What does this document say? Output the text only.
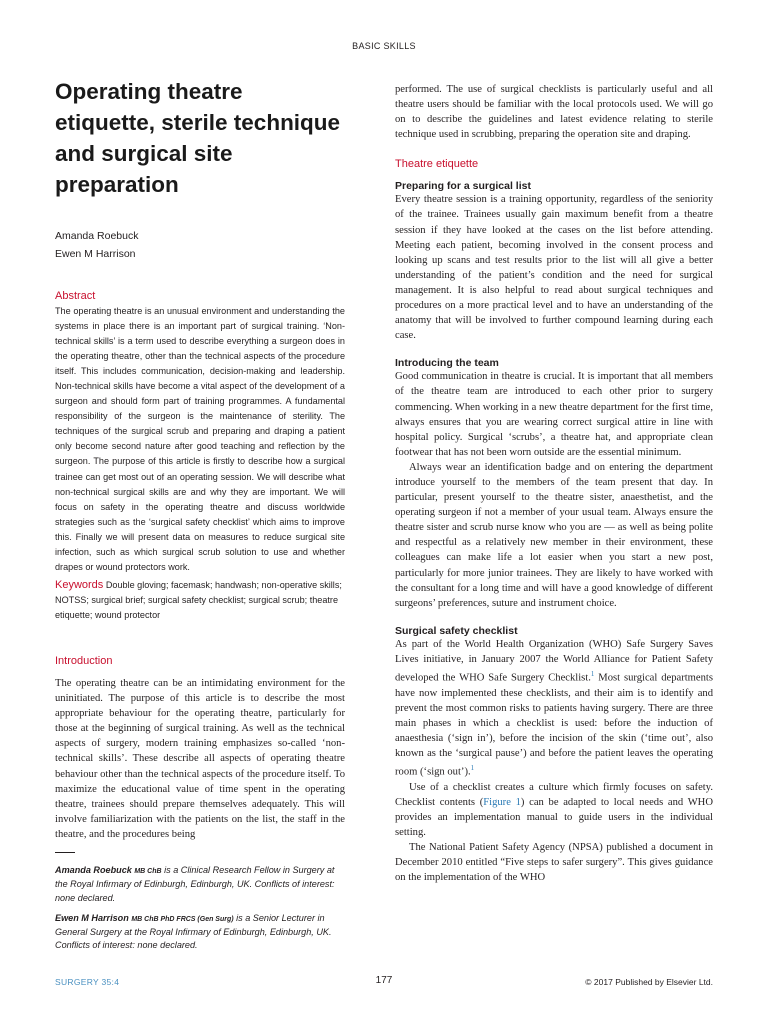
BASIC SKILLS
Operating theatre etiquette, sterile technique and surgical site preparation
Amanda Roebuck
Ewen M Harrison
Abstract
The operating theatre is an unusual environment and understanding the systems in place there is an important part of surgical training. ‘Non-technical skills’ is a term used to describe everything a surgeon does in the operating theatre, other than the technical aspects of the procedure itself. This includes communication, decision-making and leadership. Non-technical skills have become a vital aspect of the development of a surgeon and should form part of training programmes. A fundamental responsibility of the surgeon is the maintenance of sterility. The techniques of the surgical scrub and preparing and draping a patient only become second nature after good teaching and reflection by the surgeon. The purpose of this article is firstly to describe how a surgical trainee can get most out of an operating session. We will describe what non-technical surgical skills are and why they are important. We will focus on safety in the operating theatre and discuss worldwide strategies such as the ‘surgical safety checklist’ which aims to improve this. Finally we will present data on measures to reduce surgical site infection, such as which surgical scrub solution to use and whether drapes or wound protectors work.
Keywords Double gloving; facemask; handwash; non-operative skills; NOTSS; surgical brief; surgical safety checklist; surgical scrub; theatre etiquette; wound protector
Introduction

The operating theatre can be an intimidating environment for the uninitiated. The purpose of this article is to describe the most appropriate behaviour for the operating theatre, particularly for those at the beginning of surgical training. As well as the technical aspects of surgery, modern training emphasizes so-called ‘non-technical skills’. These describe all aspects of operating theatre behaviour other than the technical aspects of the procedure itself. To maximize the educational value of time spent in the operating theatre, trainees should prepare themselves adequately. This will involve familiarization with the patients on the list, the staff in the theatre, and the procedures being

Amanda Roebuck MB ChB is a Clinical Research Fellow in Surgery at the Royal Infirmary of Edinburgh, Edinburgh, UK. Conflicts of interest: none declared.

Ewen M Harrison MB ChB PhD FRCS (Gen Surg) is a Senior Lecturer in General Surgery at the Royal Infirmary of Edinburgh, Edinburgh, UK. Conflicts of interest: none declared.

performed. The use of surgical checklists is particularly useful and all theatre users should be familiar with the local protocols used. We will go on to describe the guidelines and latest evidence relating to sterile technique used in scrubbing, preparing the operation site and draping.

Theatre etiquette
Preparing for a surgical list

Every theatre session is a training opportunity, regardless of the seniority of the trainee. Trainees usually gain maximum benefit from a theatre session if they have looked at the cases on the list before attending. Meeting each patient, becoming involved in the consent process and looking up scans and test results prior to the list will all give a better understanding of the patient’s condition and the need for surgical management. It is also helpful to read about surgical techniques and procedures on a more practical level and to have an understanding of the anatomy that will be involved to further compound learning during each case.

Introducing the team

Good communication in theatre is crucial. It is important that all members of the theatre team are introduced to each other prior to surgery commencing. When working in a new theatre department for the first time, always ensures that you are wearing correct surgical attire in line with hospital policy. Surgical ‘scrubs’, a theatre hat, and appropriate clean footwear that has not been worn outside are the essential minimum.

Always wear an identification badge and on entering the department introduce yourself to the members of the team present that day. In particular, present yourself to the theatre sister, anaesthetist, and the operating surgeon if not a member of your usual team. Always ensure the theatre sister and scrub nurse know who you are — as well as being polite and respectful as a relatively new member in their environment, these colleagues can make life a lot easier when you start a new post, particularly for more junior trainees. They are likely to have worked with the consultant for a long time and will have a good knowledge of different surgeons’ preferences, suture and instrument choice.

Surgical safety checklist

As part of the World Health Organization (WHO) Safe Surgery Saves Lives initiative, in January 2007 the World Alliance for Patient Safety developed the WHO Safe Surgery Checklist.$^1$ Most surgical departments have now implemented these checklists, and their aim is to identify and prevent the most common risks to patients having surgery. There are three main phases in which a checklist is used: before the induction of anaesthesia (‘sign in’), before the incision of the skin (‘time out’, also known as the ‘surgical pause’) and before the patient leaves the operating room (‘sign out’).$^1$

Use of a checklist creates a culture which firmly focuses on safety. Checklist contents (Figure 1) can be adapted to local needs and WHO provides an implementation manual to guide users in the individual setting.

The National Patient Safety Agency (NPSA) published a document in December 2010 entitled “Five steps to safer surgery”. This gives guidance on the implementation of the WHO

SURGERY 35:4	177	© 2017 Published by Elsevier Ltd.
